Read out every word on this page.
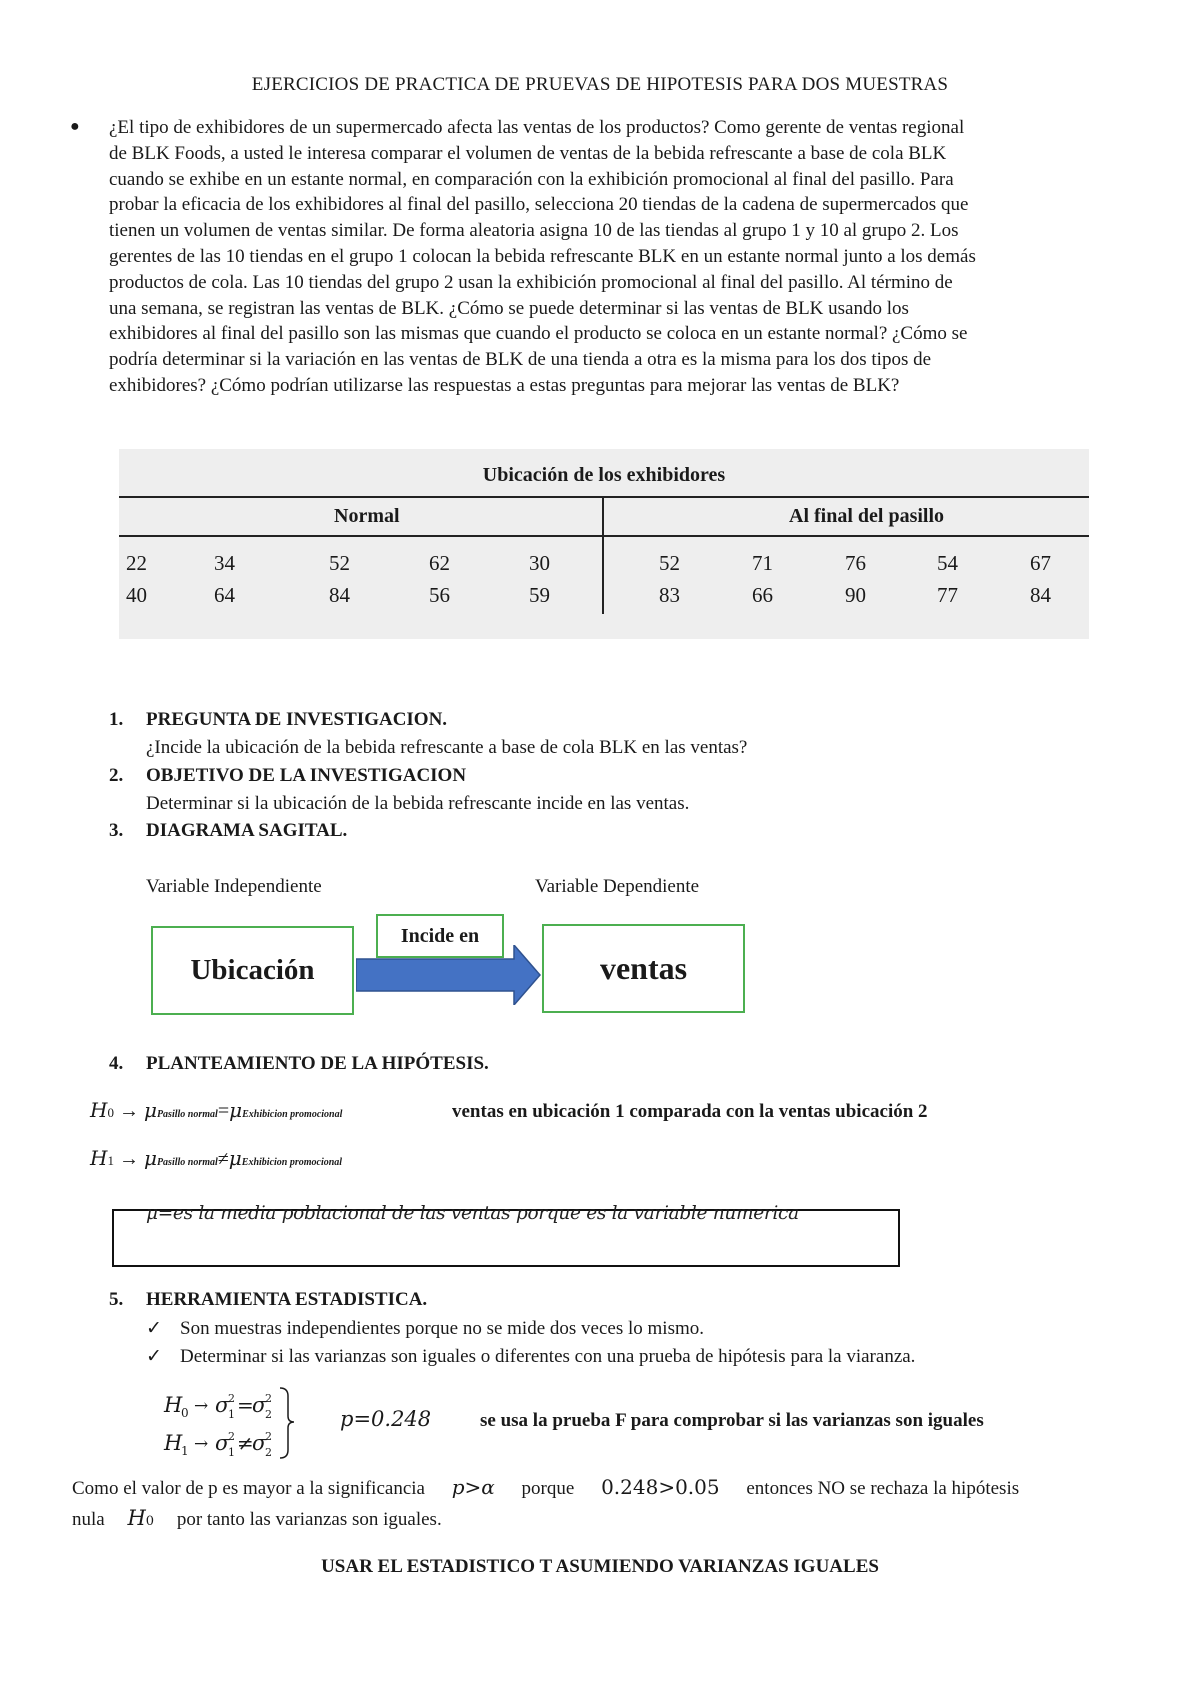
EJERCICIOS DE PRACTICA DE PRUEVAS DE HIPOTESIS PARA DOS MUESTRAS
● ¿El tipo de exhibidores de un supermercado afecta las ventas de los productos? Como gerente de ventas regional
de BLK Foods, a usted le interesa comparar el volumen de ventas de la bebida refrescante a base de cola BLK
cuando se exhibe en un estante normal, en comparación con la exhibición promocional al final del pasillo. Para
probar la eficacia de los exhibidores al final del pasillo, selecciona 20 tiendas de la cadena de supermercados que
tienen un volumen de ventas similar. De forma aleatoria asigna 10 de las tiendas al grupo 1 y 10 al grupo 2. Los
gerentes de las 10 tiendas en el grupo 1 colocan la bebida refrescante BLK en un estante normal junto a los demás
productos de cola. Las 10 tiendas del grupo 2 usan la exhibición promocional al final del pasillo. Al término de
una semana, se registran las ventas de BLK. ¿Cómo se puede determinar si las ventas de BLK usando los
exhibidores al final del pasillo son las mismas que cuando el producto se coloca en un estante normal? ¿Cómo se
podría determinar si la variación en las ventas de BLK de una tienda a otra es la misma para los dos tipos de
exhibidores? ¿Cómo podrían utilizarse las respuestas a estas preguntas para mejorar las ventas de BLK?
Ubicación de los exhibidores
Normal	Al final del pasillo
22	34	52	62	30	52	71	76	54	67
40	64	84	56	59	83	66	90	77	84
1. PREGUNTA DE INVESTIGACION.
¿Incide la ubicación de la bebida refrescante a base de cola BLK en las ventas?
2. OBJETIVO DE LA INVESTIGACION
Determinar si la ubicación de la bebida refrescante incide en las ventas.
3. DIAGRAMA SAGITAL.
Variable Independiente	Variable Dependiente
Ubicación
Incide en
ventas
4. PLANTEAMIENTO DE LA HIPÓTESIS.
H0 → μPasillo normal=μExhibicion promocional	ventas en ubicación 1 comparada con la ventas ubicación 2
H1 → μPasillo normal≠μExhibicion promocional
μ=es la media poblacional de las ventas porque es la variable numerica
5. HERRAMIENTA ESTADISTICA.
✓ Son muestras independientes porque no se mide dos veces lo mismo.
✓ Determinar si las varianzas son iguales o diferentes con una prueba de hipótesis para la viaranza.
H
0 → σ
1
2 =
σ
2
2
H
1 → σ
1
2 ≠
σ
2
2
p=0.248	se usa la prueba F para comprobar si las varianzas son iguales
Como el valor de p es mayor a la significancia p>α porque 0.248>0.05 entonces NO se rechaza la hipótesis
nula H0 por tanto las varianzas son iguales.
USAR EL ESTADISTICO T ASUMIENDO VARIANZAS IGUALES
